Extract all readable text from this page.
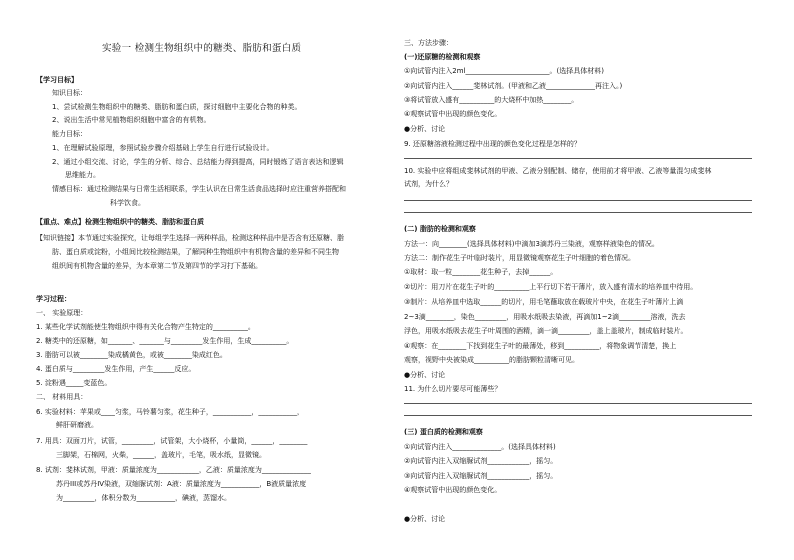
实验一 检测生物组织中的糖类、脂肪和蛋白质
【学习目标】
知识目标：
1、尝试检测生物组织中的糖类、脂肪和蛋白质，探讨细胞中主要化合物的种类。
2、说出生活中常见植物组织细胞中富含的有机物。
能力目标：
1、在理解试验原理，参照试验步骤介绍基础上学生自行进行试验设计。
2、通过小组交流、讨论，学生的分析、综合、总结能力得到提高，同时锻炼了语言表达和逻辑
思维能力。
情感目标：通过检测结果与日常生活相联系，学生认识在日常生活食品选择时应注重营养搭配和
科学饮食。
【重点、难点】检测生物组织中的糖类、脂肪和蛋白质
【知识链接】本节通过实验探究，让每组学生选择一两种样品，检测这种样品中是否含有还原糖、脂
肪、蛋白质或淀粉，小组间比较检测结果，了解同种生物组织中有机物含量的差异和不同生物
组织间有机物含量的差异，为本章第二节及第四节的学习打下基础。
学习过程：
一、 实验原理：
1. 某些化学试剂能使生物组织中得有关化合物产生特定的__________。
2. 糖类中的还原糖，如_______、_______与_________发生作用，生成__________。
3. 脂肪可以被________染成橘黄色，或被________染成红色。
4. 蛋白质与_________发生作用，产生______反应。
5. 淀粉遇_____变蓝色。
二、 材料用具：
6. 实验材料：苹果或____匀浆，马铃薯匀浆，花生种子，___________，___________，
鲜肝研磨液。
7. 用具：双面刀片，试管，_________，试管架，大小烧杯，小量筒，______，________
三脚架，石棉网，火柴，______，盖玻片，毛笔，吸水纸，显微镜。
8. 试剂：斐林试剂，甲液：质量浓度为____________，乙液：质量浓度为______________
苏丹III或苏丹IV染液，双缩脲试剂：A液：质量浓度为___________，B液质量浓度
为_________，体积分数为___________，碘液，蒸馏水。
三、方法步骤：
(一)还原糖的检测和观察
①向试管内注入2ml________________________。(选择具体材料)
②向试管内注入______斐林试剂。(甲液和乙液______________再注入。)
③将试管放入盛有__________的大烧杯中加热________。
④观察试管中出现的颜色变化。
●分析、讨论
9. 还原糖溶液检测过程中出现的颜色变化过程是怎样的？
10. 实验中应将组成斐林试剂的甲液、乙液分别配制、储存，使用前才将甲液、乙液等量混匀成斐林
试剂，为什么？
(二) 脂肪的检测和观察
方法一：向________(选择具体材料)中滴加3滴苏丹三染液，观察样液染色的情况。
方法二：制作花生子叶临时装片，用显微镜观察花生子叶细胞的着色情况。
①取材：取一粒________花生种子，去掉______。
②切片：用刀片在花生子叶的__________上平行切下若干薄片，放入盛有清水的培养皿中待用。
③制片：从培养皿中选取______的切片，用毛笔蘸取放在载玻片中央，在花生子叶薄片上滴
2~3滴________，染色_________，用吸水纸吸去染液，再滴加1~2滴_________溶液，洗去
浮色，用吸水纸吸去花生子叶周围的酒精，滴一滴_________，盖上盖玻片，制成临时装片。
④观察：在________下找到花生子叶的最薄处，移到__________，将物象调节清楚，换上
观察，视野中央被染成__________的脂肪颗粒清晰可见。
●分析、讨论
11. 为什么切片要尽可能薄些？
(三) 蛋白质的检测和观察
①向试管内注入______________。(选择具体材料)
②向试管内注入双缩脲试剂____________，摇匀。
③向试管内注入双缩脲试剂____________，摇匀。
④观察试管中出现的颜色变化。
●分析、讨论
